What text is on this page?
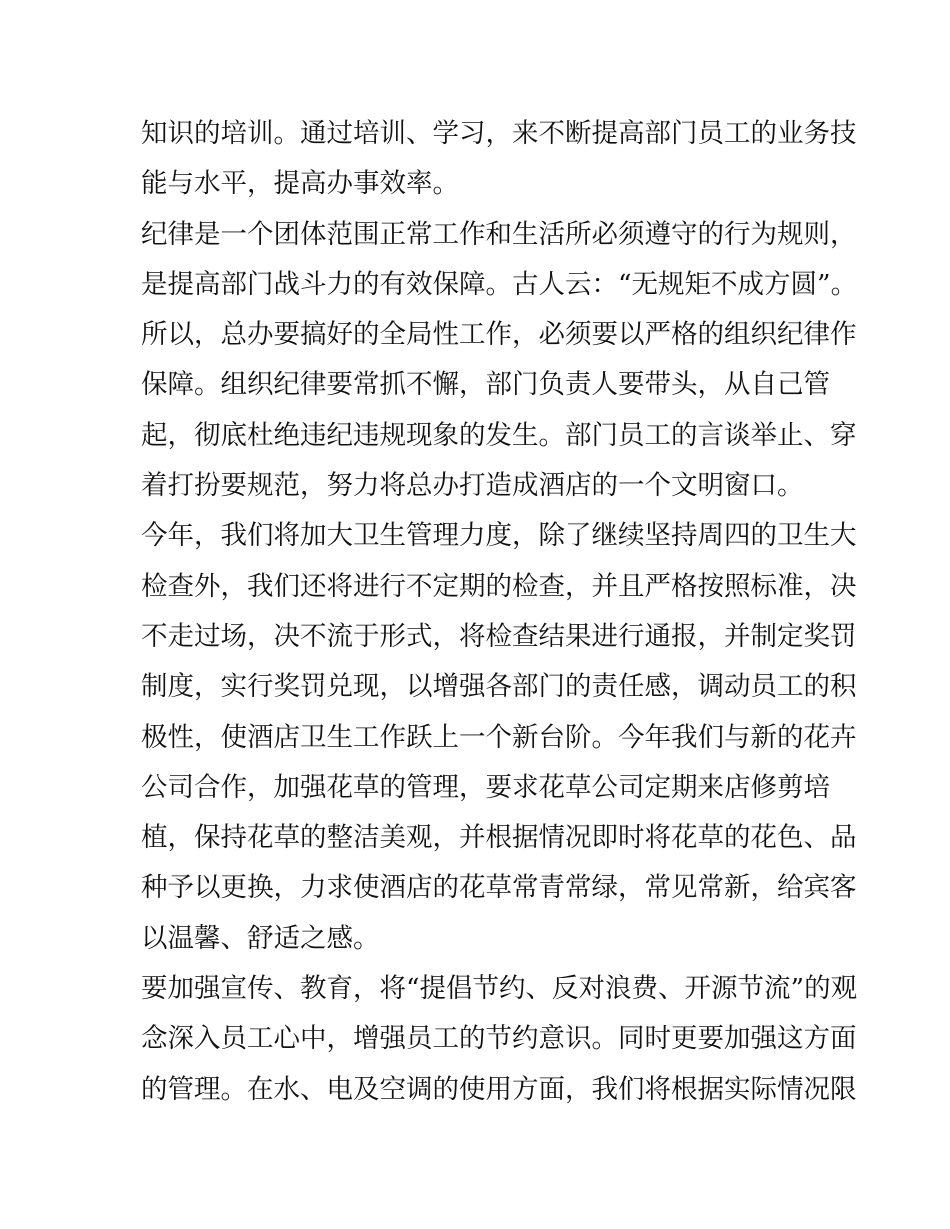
知识的培训。通过培训、学习，来不断提高部门员工的业务技
能与水平，提高办事效率。
纪律是一个团体范围正常工作和生活所必须遵守的行为规则，
是提高部门战斗力的有效保障。古人云：“无规矩不成方圆”。
所以，总办要搞好的全局性工作，必须要以严格的组织纪律作
保障。组织纪律要常抓不懈，部门负责人要带头，从自己管
起，彻底杜绝违纪违规现象的发生。部门员工的言谈举止、穿
着打扮要规范，努力将总办打造成酒店的一个文明窗口。
今年，我们将加大卫生管理力度，除了继续坚持周四的卫生大
检查外，我们还将进行不定期的检查，并且严格按照标准，决
不走过场，决不流于形式，将检查结果进行通报，并制定奖罚
制度，实行奖罚兑现，以增强各部门的责任感，调动员工的积
极性，使酒店卫生工作跃上一个新台阶。今年我们与新的花卉
公司合作，加强花草的管理，要求花草公司定期来店修剪培
植，保持花草的整洁美观，并根据情况即时将花草的花色、品
种予以更换，力求使酒店的花草常青常绿，常见常新，给宾客
以温馨、舒适之感。
要加强宣传、教育，将“提倡节约、反对浪费、开源节流”的观
念深入员工心中，增强员工的节约意识。同时更要加强这方面
的管理。在水、电及空调的使用方面，我们将根据实际情况限
